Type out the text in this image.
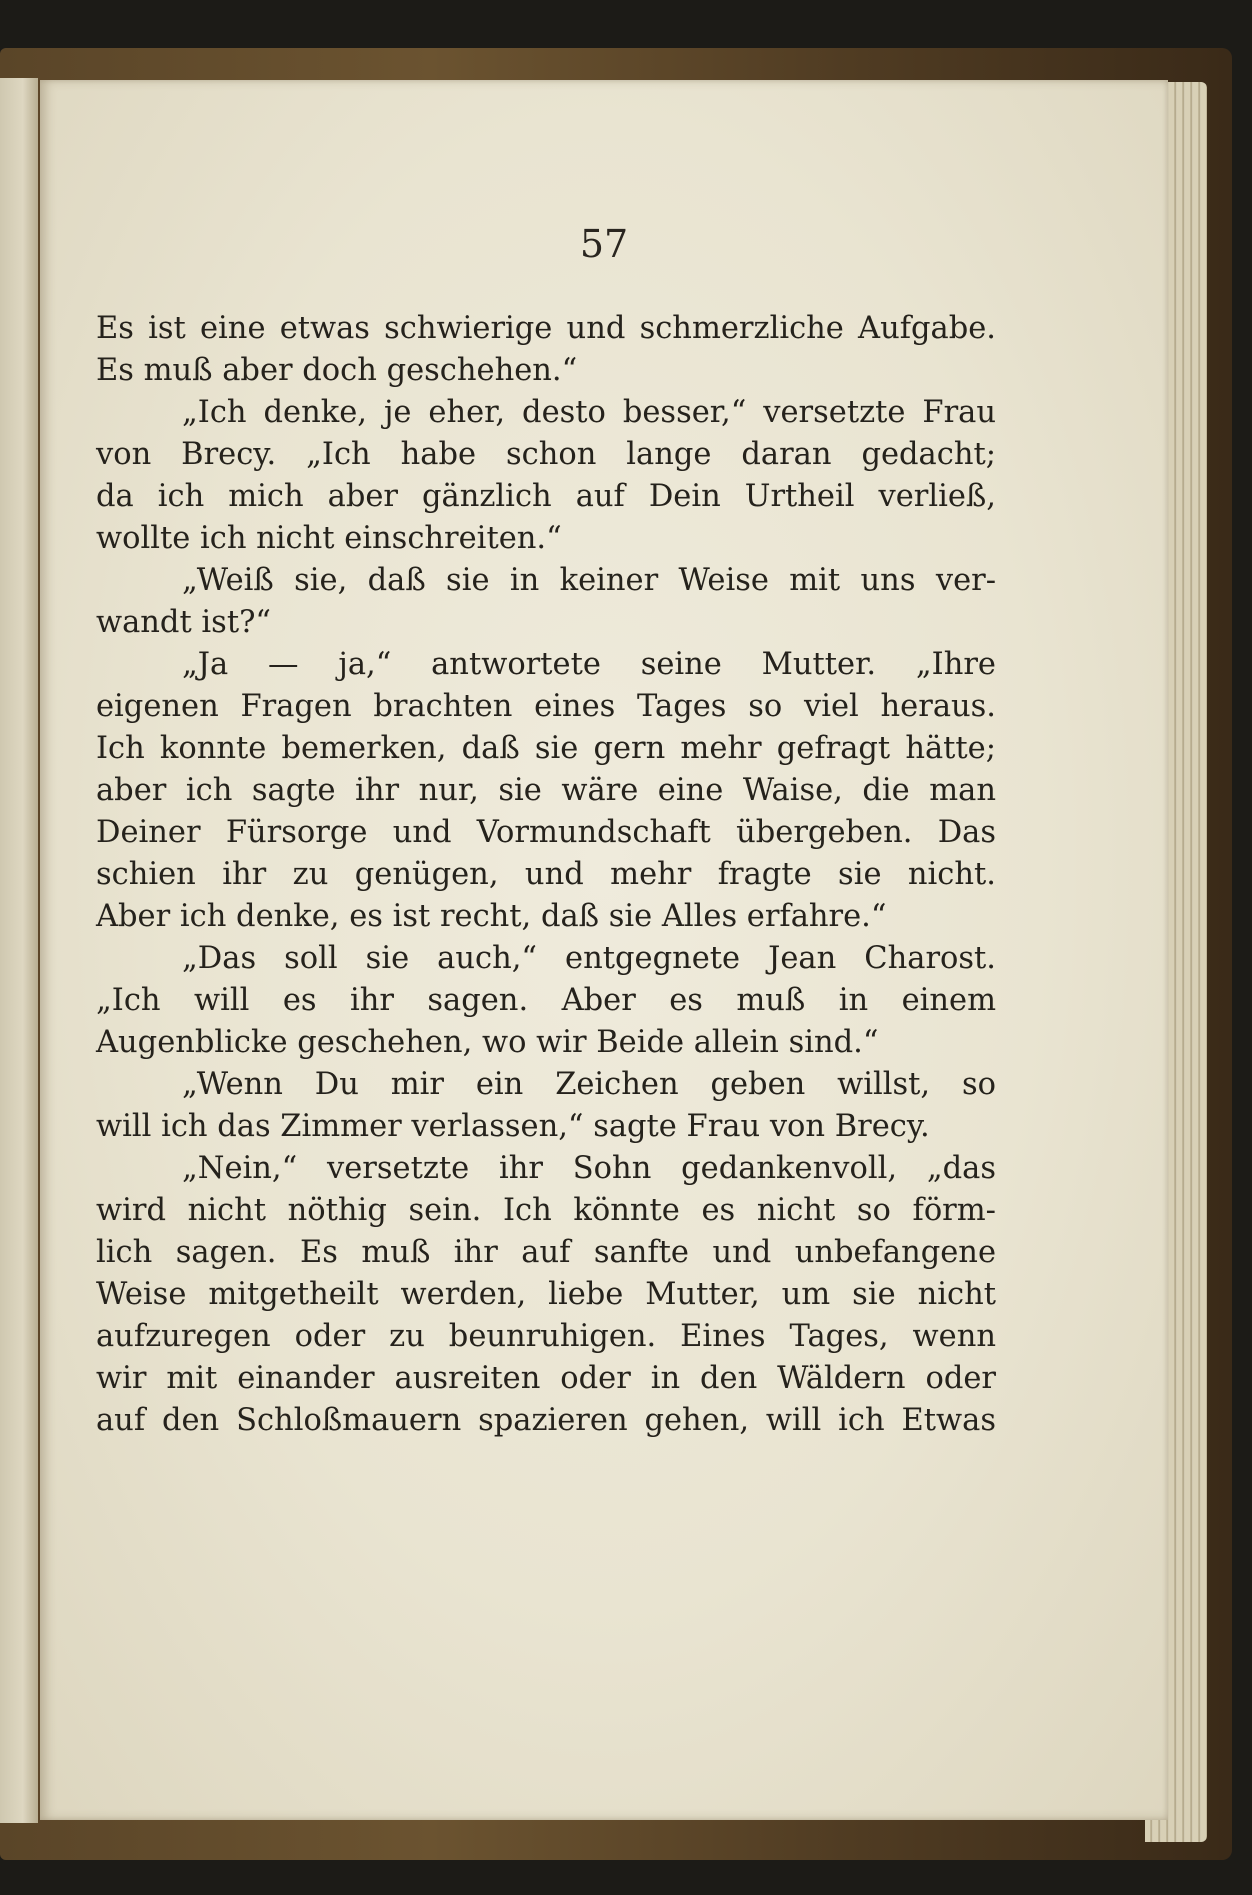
57
Es ist eine etwas schwierige und schmerzliche Aufgabe.
Es muß aber doch geschehen.“
„Ich denke, je eher, desto besser,“ versetzte Frau
von Brecy. „Ich habe schon lange daran gedacht;
da ich mich aber gänzlich auf Dein Urtheil verließ,
wollte ich nicht einschreiten.“
„Weiß sie, daß sie in keiner Weise mit uns ver-
wandt ist?“
„Ja — ja,“ antwortete seine Mutter. „Ihre
eigenen Fragen brachten eines Tages so viel heraus.
Ich konnte bemerken, daß sie gern mehr gefragt hätte;
aber ich sagte ihr nur, sie wäre eine Waise, die man
Deiner Fürsorge und Vormundschaft übergeben. Das
schien ihr zu genügen, und mehr fragte sie nicht.
Aber ich denke, es ist recht, daß sie Alles erfahre.“
„Das soll sie auch,“ entgegnete Jean Charost.
„Ich will es ihr sagen. Aber es muß in einem
Augenblicke geschehen, wo wir Beide allein sind.“
„Wenn Du mir ein Zeichen geben willst, so
will ich das Zimmer verlassen,“ sagte Frau von Brecy.
„Nein,“ versetzte ihr Sohn gedankenvoll, „das
wird nicht nöthig sein. Ich könnte es nicht so förm-
lich sagen. Es muß ihr auf sanfte und unbefangene
Weise mitgetheilt werden, liebe Mutter, um sie nicht
aufzuregen oder zu beunruhigen. Eines Tages, wenn
wir mit einander ausreiten oder in den Wäldern oder
auf den Schloßmauern spazieren gehen, will ich Etwas
